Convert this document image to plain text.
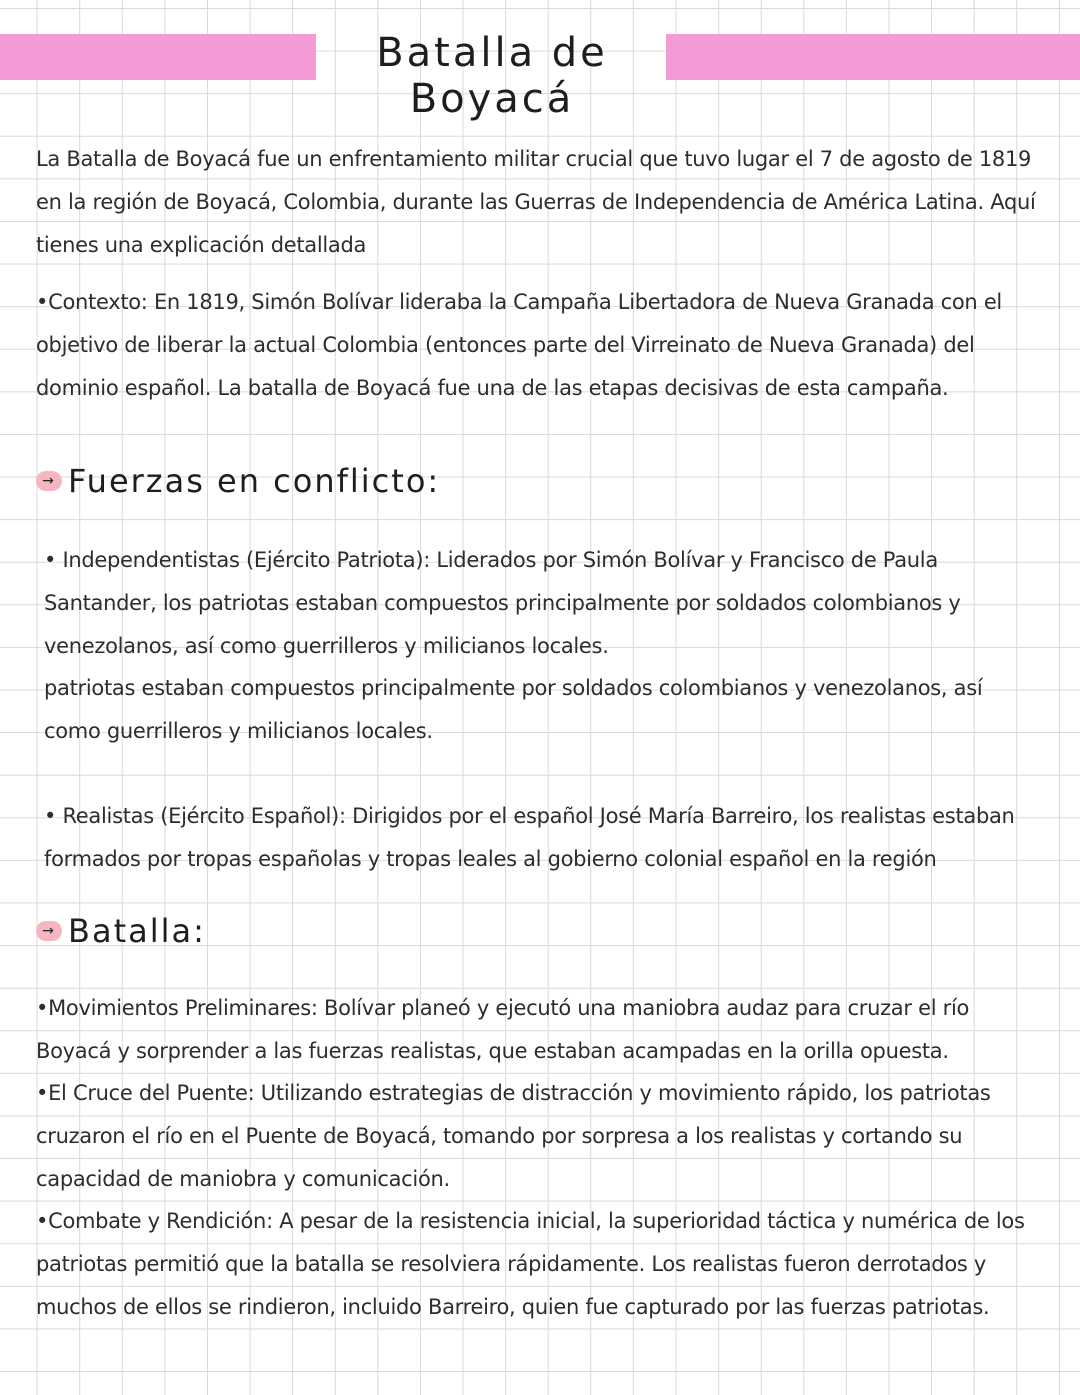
Batalla de Boyacá

La Batalla de Boyacá fue un enfrentamiento militar crucial que tuvo lugar el 7 de agosto de 1819 en la región de Boyacá, Colombia, durante las Guerras de Independencia de América Latina. Aquí tienes una explicación detallada

•Contexto: En 1819, Simón Bolívar lideraba la Campaña Libertadora de Nueva Granada con el objetivo de liberar la actual Colombia (entonces parte del Virreinato de Nueva Granada) del dominio español. La batalla de Boyacá fue una de las etapas decisivas de esta campaña.

→ Fuerzas en conflicto:

• Independentistas (Ejército Patriota): Liderados por Simón Bolívar y Francisco de Paula Santander, los patriotas estaban compuestos principalmente por soldados colombianos y venezolanos, así como guerrilleros y milicianos locales.

patriotas estaban compuestos principalmente por soldados colombianos y venezolanos, así como guerrilleros y milicianos locales.

• Realistas (Ejército Español): Dirigidos por el español José María Barreiro, los realistas estaban formados por tropas españolas y tropas leales al gobierno colonial español en la región

→ Batalla:

•Movimientos Preliminares: Bolívar planeó y ejecutó una maniobra audaz para cruzar el río Boyacá y sorprender a las fuerzas realistas, que estaban acampadas en la orilla opuesta.

•El Cruce del Puente: Utilizando estrategias de distracción y movimiento rápido, los patriotas cruzaron el río en el Puente de Boyacá, tomando por sorpresa a los realistas y cortando su capacidad de maniobra y comunicación.

•Combate y Rendición: A pesar de la resistencia inicial, la superioridad táctica y numérica de los patriotas permitió que la batalla se resolviera rápidamente. Los realistas fueron derrotados y muchos de ellos se rindieron, incluido Barreiro, quien fue capturado por las fuerzas patriotas.
